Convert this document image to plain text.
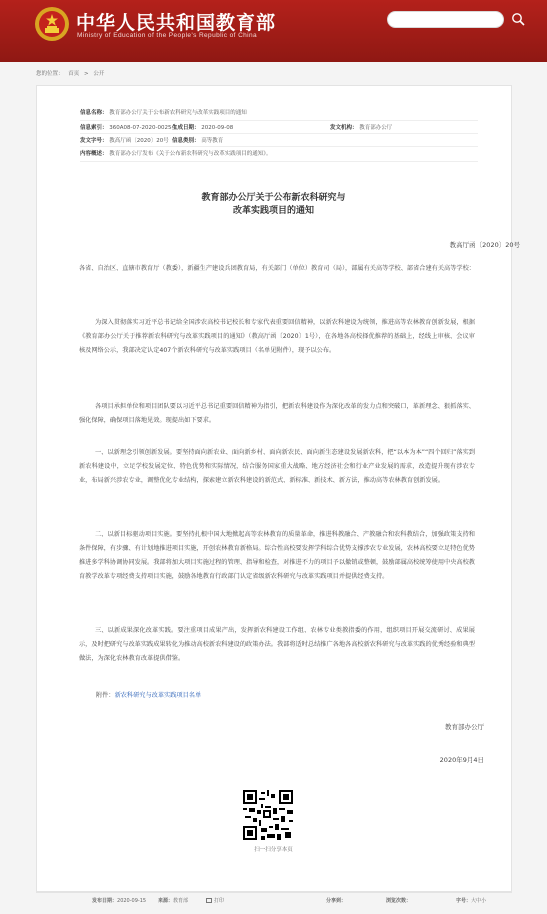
中华人民共和国教育部
Ministry of Education of the People's Republic of China
您的位置： 首页 > 公开
信息名称： 教育部办公厅关于公布新农科研究与改革实践项目的通知
信息索引： 360A08-07-2020-0025-1
生成日期： 2020-09-08	发文机构： 教育部办公厅
发文字号： 教高厅函〔2020〕20号 信息类别： 高等教育
内容概述： 教育部办公厅发布《关于公布新农科研究与改革实践项目的通知》。
教育部办公厅关于公布新农科研究与
改革实践项目的通知
教高厅函〔2020〕20号
各省、自治区、直辖市教育厅（教委），新疆生产建设兵团教育局，有关部门（单位）教育司（局），部属有关高等学校、部省合建有关高等学校：
为深入贯彻落实习近平总书记给全国涉农高校书记校长和专家代表重要回信精神，以新农科建设为统领，推进高等农林教育创新发展，根据《教育部办公厅关于推荐新农科研究与改革实践项目的通知》（教高厅函〔2020〕1号），在各地各高校择优推荐的基础上，经线上审核、会议审核及网络公示，我部决定认定407个新农科研究与改革实践项目（名单见附件），现予以公布。
各项目承担单位和项目团队要以习近平总书记重要回信精神为指引，把新农科建设作为深化改革的发力点和突破口，革新理念、狠抓落实、强化保障，确保项目落地见效。现提出如下要求。
一、以新理念引领创新发展。要坚持面向新农业、面向新乡村、面向新农民、面向新生态建设发展新农科，把“以本为本”“四个回归”落实到新农科建设中，立足学校发展定位、特色优势和实际情况，结合服务国家重大战略、地方经济社会和行业产业发展的需求，改造提升现有涉农专业，布局新兴涉农专业，调整优化专业结构，探索建立新农科建设的新范式、新标准、新技术、新方法，推动高等农林教育创新发展。
二、以新目标驱动项目实施。要坚持扎根中国大地掀起高等农林教育的质量革命，推进科教融合、产教融合和农科教结合，加强政策支持和条件保障，有步骤、有计划地推进项目实施，开创农林教育新格局。综合性高校要发挥学科综合优势支撑涉农专业发展，农林高校要立足特色优势推进多学科协调协同发展。我部将加大项目实施过程的管理、指导和检查，对推进不力的项目予以撤销或整顿，鼓励部属高校统筹使用中央高校教育教学改革专项经费支持项目实施，鼓励各地教育行政部门认定省级新农科研究与改革实践项目并提供经费支持。
三、以新成果深化改革实践。要注重项目成果产出，发挥新农科建设工作组、农林专业类教指委的作用，组织项目开展交流研讨、成果展示，及时把研究与改革实践成果转化为推动高校新农科建设的政策办法。我部将适时总结推广各地各高校新农科研究与改革实践的优秀经验和典型做法，为深化农林教育改革提供借鉴。
附件：新农科研究与改革实践项目名单
教育部办公厅
2020年9月4日
扫一扫分享本页
发布日期：2020-09-15 来源：教育部	打印	分享到：	浏览次数：	字号：大中小
